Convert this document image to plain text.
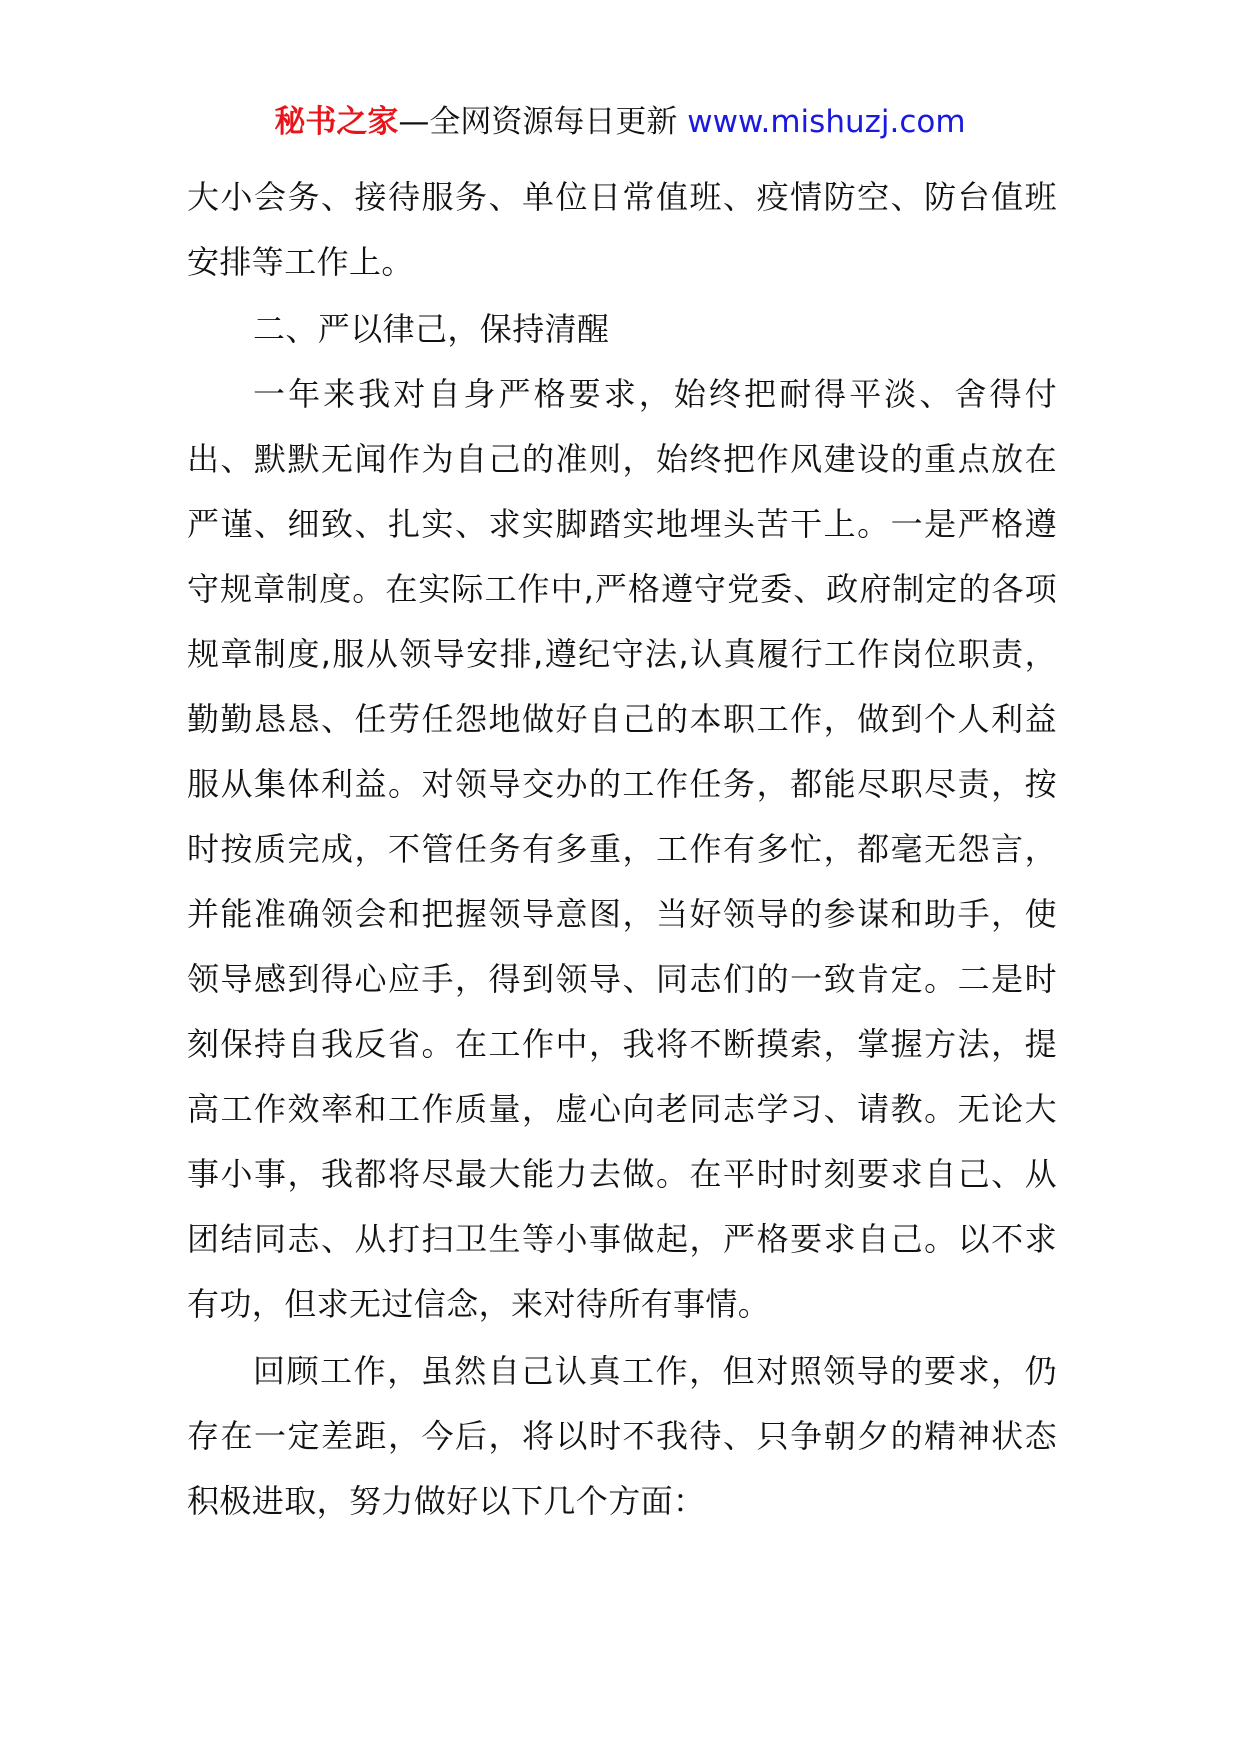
秘书之家—全网资源每日更新 www.mishuzj.com

大小会务、接待服务、单位日常值班、疫情防空、防台值班安排等工作上。

二、严以律己，保持清醒

一年来我对自身严格要求，始终把耐得平淡、舍得付出、默默无闻作为自己的准则，始终把作风建设的重点放在严谨、细致、扎实、求实脚踏实地埋头苦干上。一是严格遵守规章制度。在实际工作中,严格遵守党委、政府制定的各项规章制度,服从领导安排,遵纪守法,认真履行工作岗位职责，勤勤恳恳、任劳任怨地做好自己的本职工作，做到个人利益服从集体利益。对领导交办的工作任务，都能尽职尽责，按时按质完成，不管任务有多重，工作有多忙，都毫无怨言，并能准确领会和把握领导意图，当好领导的参谋和助手，使领导感到得心应手，得到领导、同志们的一致肯定。二是时刻保持自我反省。在工作中，我将不断摸索，掌握方法，提高工作效率和工作质量，虚心向老同志学习、请教。无论大事小事，我都将尽最大能力去做。在平时时刻要求自己、从团结同志、从打扫卫生等小事做起，严格要求自己。以不求有功，但求无过信念，来对待所有事情。

回顾工作，虽然自己认真工作，但对照领导的要求，仍存在一定差距，今后，将以时不我待、只争朝夕的精神状态积极进取，努力做好以下几个方面：
